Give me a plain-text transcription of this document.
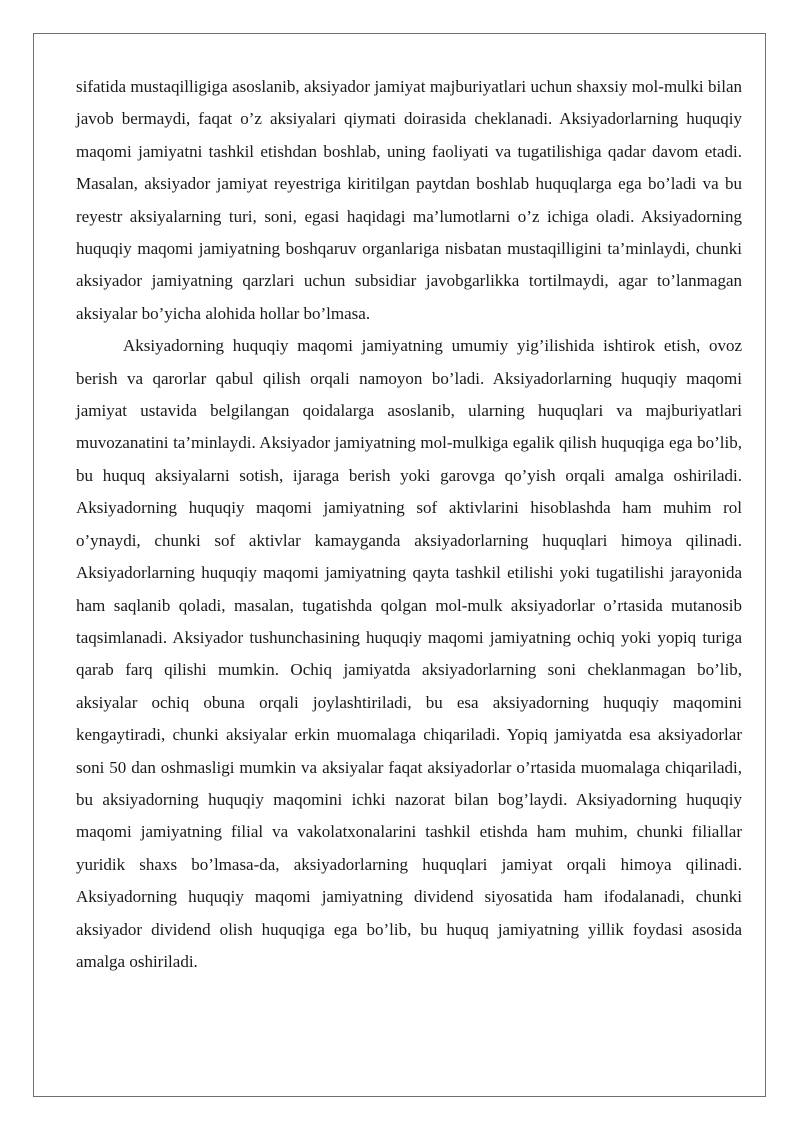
sifatida mustaqilligiga asoslanib, aksiyador jamiyat majburiyatlari uchun shaxsiy mol-mulki bilan javob bermaydi, faqat o’z aksiyalari qiymati doirasida cheklanadi. Aksiyadorlarning huquqiy maqomi jamiyatni tashkil etishdan boshlab, uning faoliyati va tugatilishiga qadar davom etadi. Masalan, aksiyador jamiyat reyestriga kiritilgan paytdan boshlab huquqlarga ega bo’ladi va bu reyestr aksiyalarning turi, soni, egasi haqidagi ma’lumotlarni o’z ichiga oladi. Aksiyadorning huquqiy maqomi jamiyatning boshqaruv organlariga nisbatan mustaqilligini ta’minlaydi, chunki aksiyador jamiyatning qarzlari uchun subsidiar javobgarlikka tortilmaydi, agar to’lanmagan aksiyalar bo’yicha alohida hollar bo’lmasa.

Aksiyadorning huquqiy maqomi jamiyatning umumiy yig’ilishida ishtirok etish, ovoz berish va qarorlar qabul qilish orqali namoyon bo’ladi. Aksiyadorlarning huquqiy maqomi jamiyat ustavida belgilangan qoidalarga asoslanib, ularning huquqlari va majburiyatlari muvozanatini ta’minlaydi. Aksiyador jamiyatning mol-mulkiga egalik qilish huquqiga ega bo’lib, bu huquq aksiyalarni sotish, ijaraga berish yoki garovga qo’yish orqali amalga oshiriladi. Aksiyadorning huquqiy maqomi jamiyatning sof aktivlarini hisoblashda ham muhim rol o’ynaydi, chunki sof aktivlar kamayganda aksiyadorlarning huquqlari himoya qilinadi. Aksiyadorlarning huquqiy maqomi jamiyatning qayta tashkil etilishi yoki tugatilishi jarayonida ham saqlanib qoladi, masalan, tugatishda qolgan mol-mulk aksiyadorlar o’rtasida mutanosib taqsimlanadi. Aksiyador tushunchasining huquqiy maqomi jamiyatning ochiq yoki yopiq turiga qarab farq qilishi mumkin. Ochiq jamiyatda aksiyadorlarning soni cheklanmagan bo’lib, aksiyalar ochiq obuna orqali joylashtiriladi, bu esa aksiyadorning huquqiy maqomini kengaytiradi, chunki aksiyalar erkin muomalaga chiqariladi. Yopiq jamiyatda esa aksiyadorlar soni 50 dan oshmasligi mumkin va aksiyalar faqat aksiyadorlar o’rtasida muomalaga chiqariladi, bu aksiyadorning huquqiy maqomini ichki nazorat bilan bog’laydi. Aksiyadorning huquqiy maqomi jamiyatning filial va vakolatxonalarini tashkil etishda ham muhim, chunki filiallar yuridik shaxs bo’lmasa-da, aksiyadorlarning huquqlari jamiyat orqali himoya qilinadi. Aksiyadorning huquqiy maqomi jamiyatning dividend siyosatida ham ifodalanadi, chunki aksiyador dividend olish huquqiga ega bo’lib, bu huquq jamiyatning yillik foydasi asosida amalga oshiriladi.
